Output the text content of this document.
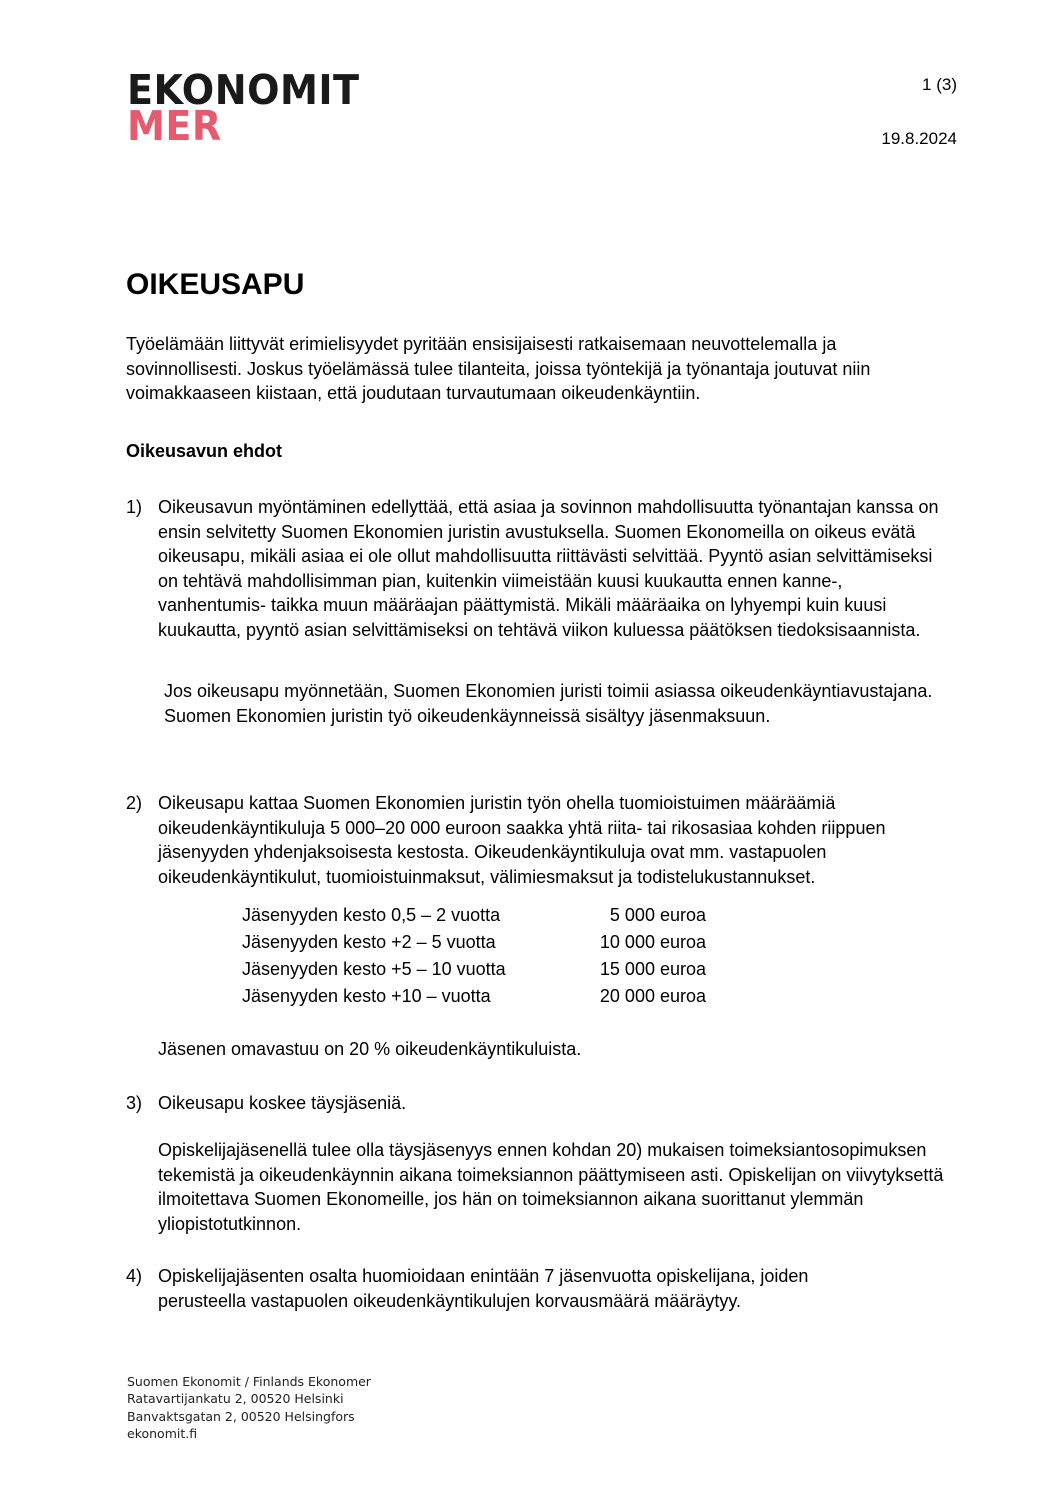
EKONOMIT
MER
1 (3)
19.8.2024
OIKEUSAPU

Työelämään liittyvät erimielisyydet pyritään ensisijaisesti ratkaisemaan neuvottelemalla ja sovinnollisesti. Joskus työelämässä tulee tilanteita, joissa työntekijä ja työnantaja joutuvat niin voimakkaaseen kiistaan, että joudutaan turvautumaan oikeudenkäyntiin.

Oikeusavun ehdot
1) Oikeusavun myöntäminen edellyttää, että asiaa ja sovinnon mahdollisuutta työnantajan kanssa on ensin selvitetty Suomen Ekonomien juristin avustuksella. Suomen Ekonomeilla on oikeus evätä oikeusapu, mikäli asiaa ei ole ollut mahdollisuutta riittävästi selvittää. Pyyntö asian selvittämiseksi on tehtävä mahdollisimman pian, kuitenkin viimeistään kuusi kuukautta ennen kanne-, vanhentumis- taikka muun määräajan päättymistä. Mikäli määräaika on lyhyempi kuin kuusi kuukautta, pyyntö asian selvittämiseksi on tehtävä viikon kuluessa päätöksen tiedoksisaannista.

Jos oikeusapu myönnetään, Suomen Ekonomien juristi toimii asiassa oikeudenkäyntiavustajana. Suomen Ekonomien juristin työ oikeudenkäynneissä sisältyy jäsenmaksuun.

2) Oikeusapu kattaa Suomen Ekonomien juristin työn ohella tuomioistuimen määräämiä oikeudenkäyntikuluja 5 000–20 000 euroon saakka yhtä riita- tai rikosasiaa kohden riippuen jäsenyyden yhdenjaksoisesta kestosta. Oikeudenkäyntikuluja ovat mm. vastapuolen oikeudenkäyntikulut, tuomioistuinmaksut, välimiesmaksut ja todistelukustannukset.

Jäsenyyden kesto 0,5 – 2 vuotta	5 000 euroa
Jäsenyyden kesto +2 – 5 vuotta	10 000 euroa
Jäsenyyden kesto +5 – 10 vuotta	15 000 euroa
Jäsenyyden kesto +10 – vuotta	20 000 euroa

Jäsenen omavastuu on 20 % oikeudenkäyntikuluista.

3) Oikeusapu koskee täysjäseniä.

Opiskelijajäsenellä tulee olla täysjäsenyys ennen kohdan 20) mukaisen toimeksiantosopimuksen tekemistä ja oikeudenkäynnin aikana toimeksiannon päättymiseen asti. Opiskelijan on viivytyksettä ilmoitettava Suomen Ekonomeille, jos hän on toimeksiannon aikana suorittanut ylemmän yliopistotutkinnon.

4) Opiskelijajäsenten osalta huomioidaan enintään 7 jäsenvuotta opiskelijana, joiden perusteella vastapuolen oikeudenkäyntikulujen korvausmäärä määräytyy.

Suomen Ekonomit / Finlands Ekonomer
Ratavartijankatu 2, 00520 Helsinki
Banvaktsgatan 2, 00520 Helsingfors
ekonomit.fi
